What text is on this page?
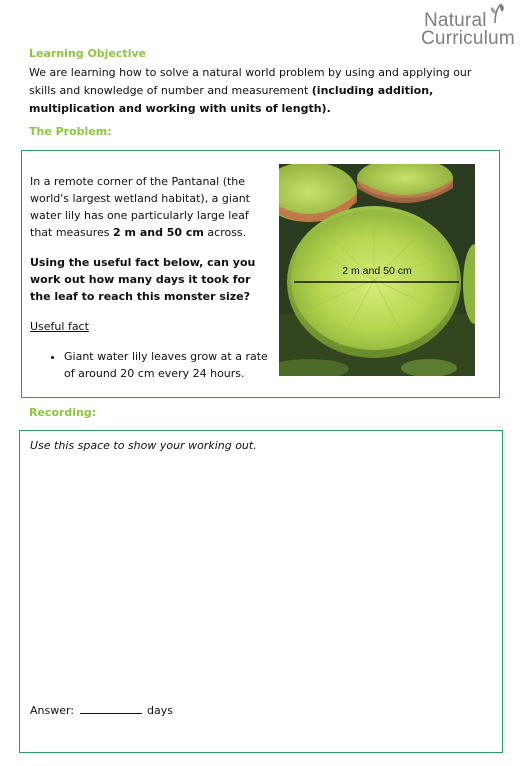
Natural
Curriculum
Learning Objective
We are learning how to solve a natural world problem by using and applying our skills and knowledge of number and measurement (including addition, multiplication and working with units of length).
The Problem:

In a remote corner of the Pantanal (the world's largest wetland habitat), a giant water lily has one particularly large leaf that measures 2 m and 50 cm across.

Using the useful fact below, can you work out how many days it took for the leaf to reach this monster size?

Useful fact

• Giant water lily leaves grow at a rate of around 20 cm every 24 hours.
2 m and 50 cm
Recording:
Use this space to show your working out.
Answer:	days
